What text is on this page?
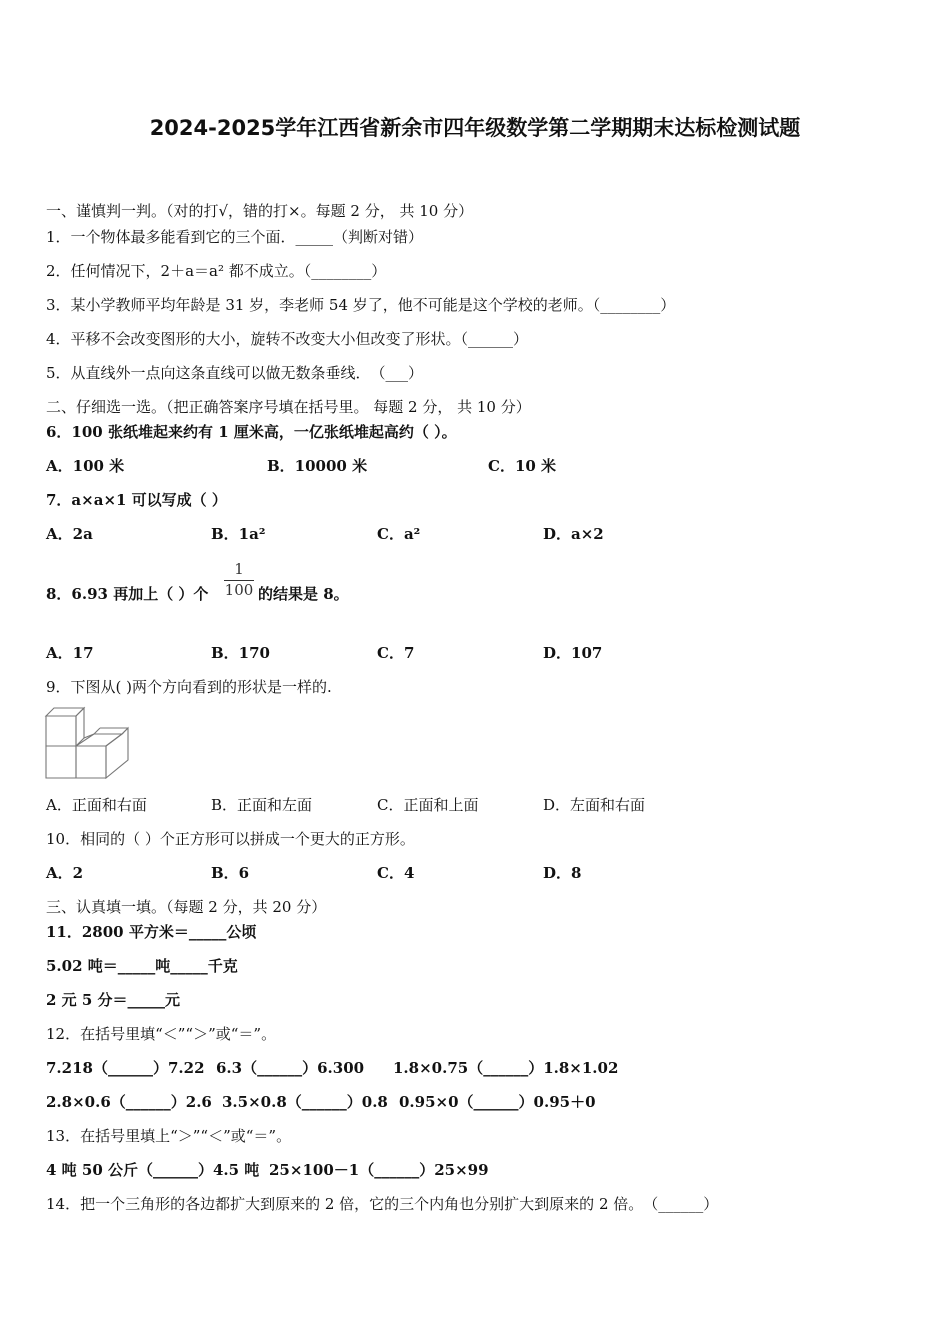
2024-2025学年江西省新余市四年级数学第二学期期末达标检测试题
一、谨慎判一判。（对的打√，错的打×。每题 2 分， 共 10 分）
1．一个物体最多能看到它的三个面．_____（判断对错）
2．任何情况下，2＋a＝a² 都不成立。（________）
3．某小学教师平均年龄是 31 岁，李老师 54 岁了，他不可能是这个学校的老师。（________）
4．平移不会改变图形的大小，旋转不改变大小但改变了形状。（______）
5．从直线外一点向这条直线可以做无数条垂线．　（___）
二、仔细选一选。（把正确答案序号填在括号里。 每题 2 分， 共 10 分）
6．100 张纸堆起来约有 1 厘米高，一亿张纸堆起高约（ ）。
A．100 米	B．10000 米	C．10 米
7．a×a×1 可以写成（ ）
A．2a	B．1a²	C．a²	D．a×2
8．6.93 再加上（ ）个
1
100 的结果是 8。
A．17	B．170	C．7	D．107
9．下图从( )两个方向看到的形状是一样的.
A．正面和右面	B．正面和左面	C．正面和上面	D．左面和右面
10．相同的（ ）个正方形可以拼成一个更大的正方形。
A．2	B．6	C．4	D．8
三、认真填一填。（每题 2 分，共 20 分）
11．2800 平方米＝_____公顷
5.02 吨＝_____吨_____千克
2 元 5 分＝_____元
12．在括号里填“＜”“＞”或“＝”。
7.218（______）7.22 6.3（______）6.300 1.8×0.75（______）1.8×1.02
2.8×0.6（______）2.6 3.5×0.8（______）0.8 0.95×0（______）0.95＋0
13．在括号里填上“＞”“＜”或“＝”。
4 吨 50 公斤（______）4.5 吨 25×100－1（______）25×99
14．把一个三角形的各边都扩大到原来的 2 倍，它的三个内角也分别扩大到原来的 2 倍。　（______）
